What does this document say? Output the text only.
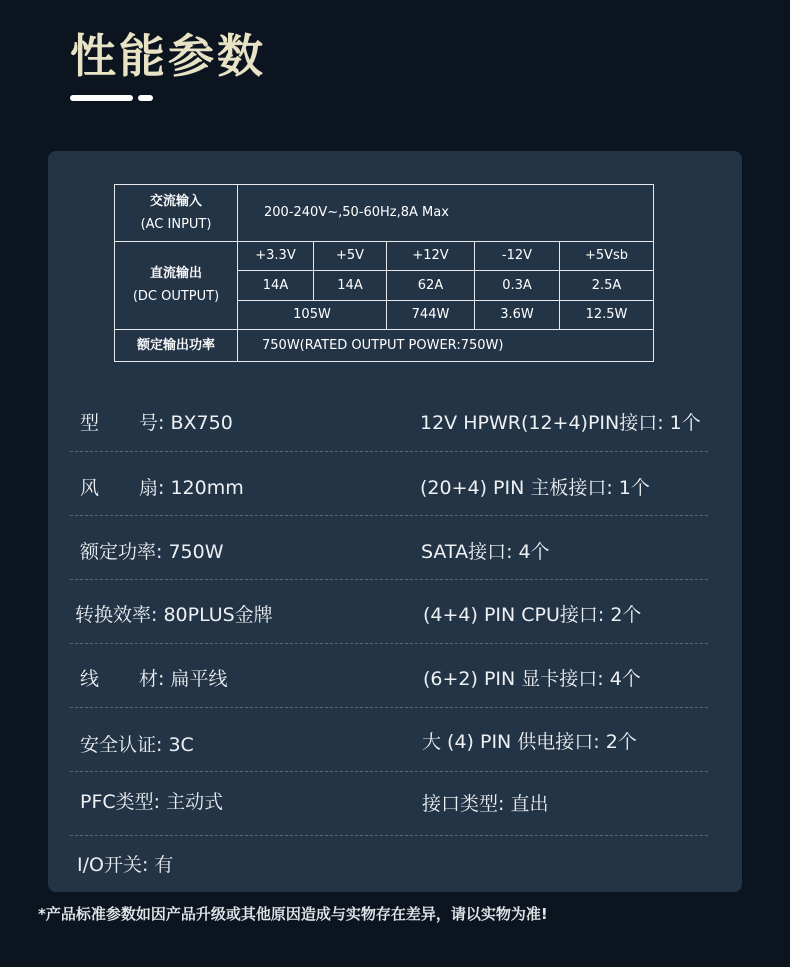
性能参数
交流输入
(AC INPUT)	200-240V~,50-60Hz,8A Max				

直流输出
(DC OUTPUT)	+3.3V	+5V	+12V	-12V	+5Vsb
	14A	14A	62A	0.3A	2.5A
	105W		744W	3.6W	12.5W
额定输出功率	750W(RATED OUTPUT POWER:750W)				
型 号: BX750	12V HPWR(12+4)PIN接口: 1个
风 扇: 120mm	(20+4) PIN 主板接口: 1个
额定功率: 750W	SATA接口: 4个
转换效率: 80PLUS金牌	(4+4) PIN CPU接口: 2个
线 材: 扁平线	(6+2) PIN 显卡接口: 4个
安全认证: 3C	大 (4) PIN 供电接口: 2个
PFC类型: 主动式	接口类型: 直出
I/O开关: 有
*产品标准参数如因产品升级或其他原因造成与实物存在差异，请以实物为准!
